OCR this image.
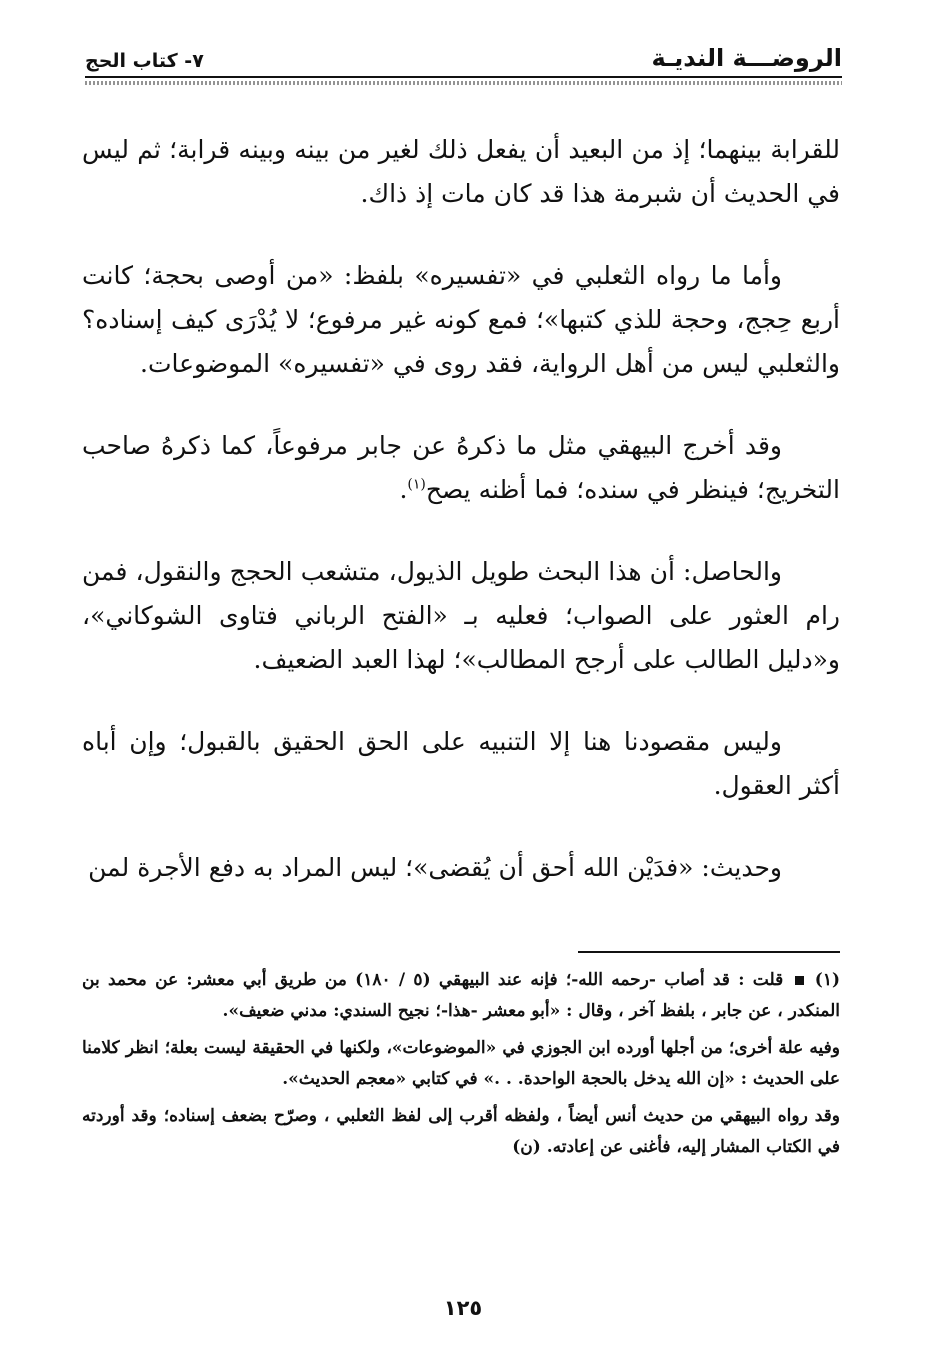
الروضـــة النديـة
٧- كتاب الحج

للقرابة بينهما؛ إذ من البعيد أن يفعل ذلك لغير من بينه وبينه قرابة؛ ثم ليس في الحديث أن شبرمة هذا قد كان مات إذ ذاك.

وأما ما رواه الثعلبي في «تفسيره» بلفظ: «من أوصى بحجة؛ كانت أربع حِجج، وحجة للذي كتبها»؛ فمع كونه غير مرفوع؛ لا يُدْرَى كيف إسناده؟ والثعلبي ليس من أهل الرواية، فقد روى في «تفسيره» الموضوعات.

وقد أخرج البيهقي مثل ما ذكرهُ عن جابر مرفوعاً، كما ذكرهُ صاحب التخريج؛ فينظر في سنده؛ فما أظنه يصح$^{(١)}$.

والحاصل: أن هذا البحث طويل الذيول، متشعب الحجج والنقول، فمن رام العثور على الصواب؛ فعليه بـ «الفتح الرباني فتاوى الشوكاني»، و«دليل الطالب على أرجح المطالب»؛ لهذا العبد الضعيف.

وليس مقصودنا هنا إلا التنبيه على الحق الحقيق بالقبول؛ وإن أباه أكثر العقول.

وحديث: «فدَيْن الله أحق أن يُقضى»؛ ليس المراد به دفع الأجرة لمن

(١)  قلت : قد أصاب -رحمه الله-؛ فإنه عند البيهقي (٥ / ١٨٠) من طريق أبي معشر: عن محمد بن المنكدر ، عن جابر ، بلفظ آخر ، وقال : «أبو معشر -هذا-؛ نجيح السندي: مدني ضعيف».

وفيه علة أخرى؛ من أجلها أورده ابن الجوزي في «الموضوعات»، ولكنها في الحقيقة ليست بعلة؛ انظر كلامنا على الحديث : «إن الله يدخل بالحجة الواحدة. . .» في كتابي «معجم الحديث».

وقد رواه البيهقي من حديث أنس أيضاً ، ولفظه أقرب إلى لفظ الثعلبي ، وصرّح بضعف إسناده؛ وقد أوردته في الكتاب المشار إليه، فأغنى عن إعادته. (ن)

١٢٥
